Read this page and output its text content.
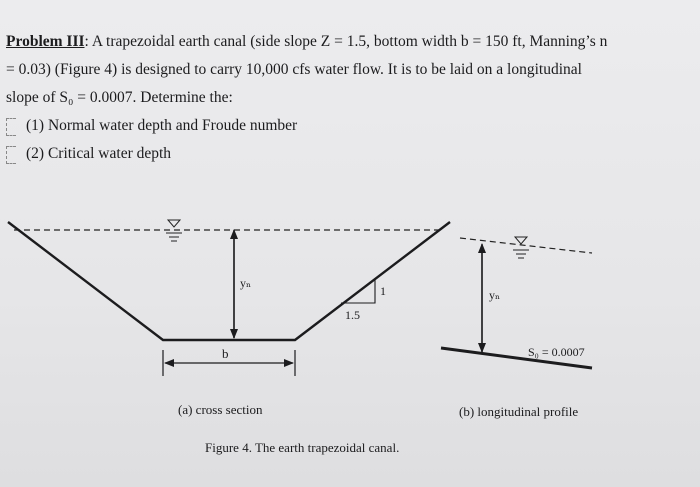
Problem III: A trapezoidal earth canal (side slope Z = 1.5, bottom width b = 150 ft, Manning’s n

= 0.03) (Figure 4) is designed to carry 10,000 cfs water flow. It is to be laid on a longitudinal

slope of S₀ = 0.0007. Determine the:

(1) Normal water depth and Froude number

(2) Critical water depth

yₙ
1
1.5
b
(a) cross section
yₙ
S₀ = 0.0007
(b) longitudinal profile
Figure 4. The earth trapezoidal canal.
